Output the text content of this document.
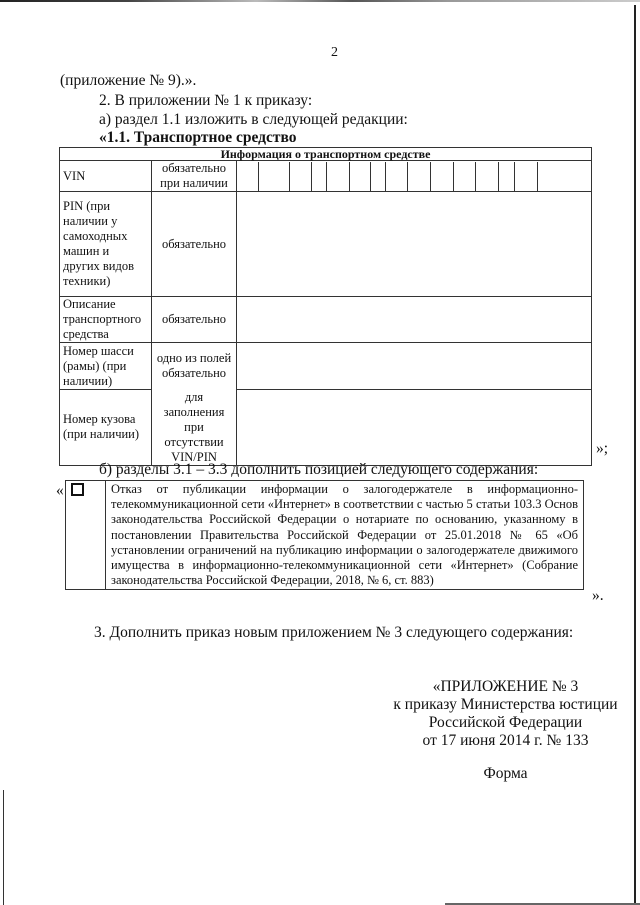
2
(приложение № 9).».
2. В приложении № 1 к приказу:
а) раздел 1.1 изложить в следующей редакции:
«1.1. Транспортное средство
Информация о транспортном средстве		
VIN	обязательно при наличии	

PIN (при наличии у самоходных машин и других видов техники)	обязательно	
Описание транспортного средства	обязательно	
Номер шасси (рамы) (при наличии)	одно из полей обязательно	
Номер кузова (при наличии)	для заполнения при отсутствии VIN/PIN		»;
б) разделы 3.1 – 3.3 дополнить позицией следующего содержания:
«
		Отказ от публикации информации о залогодержателе в информационно-телекоммуникационной сети «Интернет» в соответствии с частью 5 статьи 103.3 Основ законодательства Российской Федерации о нотариате по основанию, указанному в постановлении Правительства Российской Федерации от 25.01.2018 № 65 «Об установлении ограничений на публикацию информации о залогодержателе движимого имущества в информационно-телекоммуникационной сети «Интернет» (Собрание законодательства Российской Федерации, 2018, № 6, ст. 883)
».
3. Дополнить приказ новым приложением № 3 следующего содержания:
«ПРИЛОЖЕНИЕ № 3
к приказу Министерства юстиции
Российской Федерации
от 17 июня 2014 г. № 133
Форма
